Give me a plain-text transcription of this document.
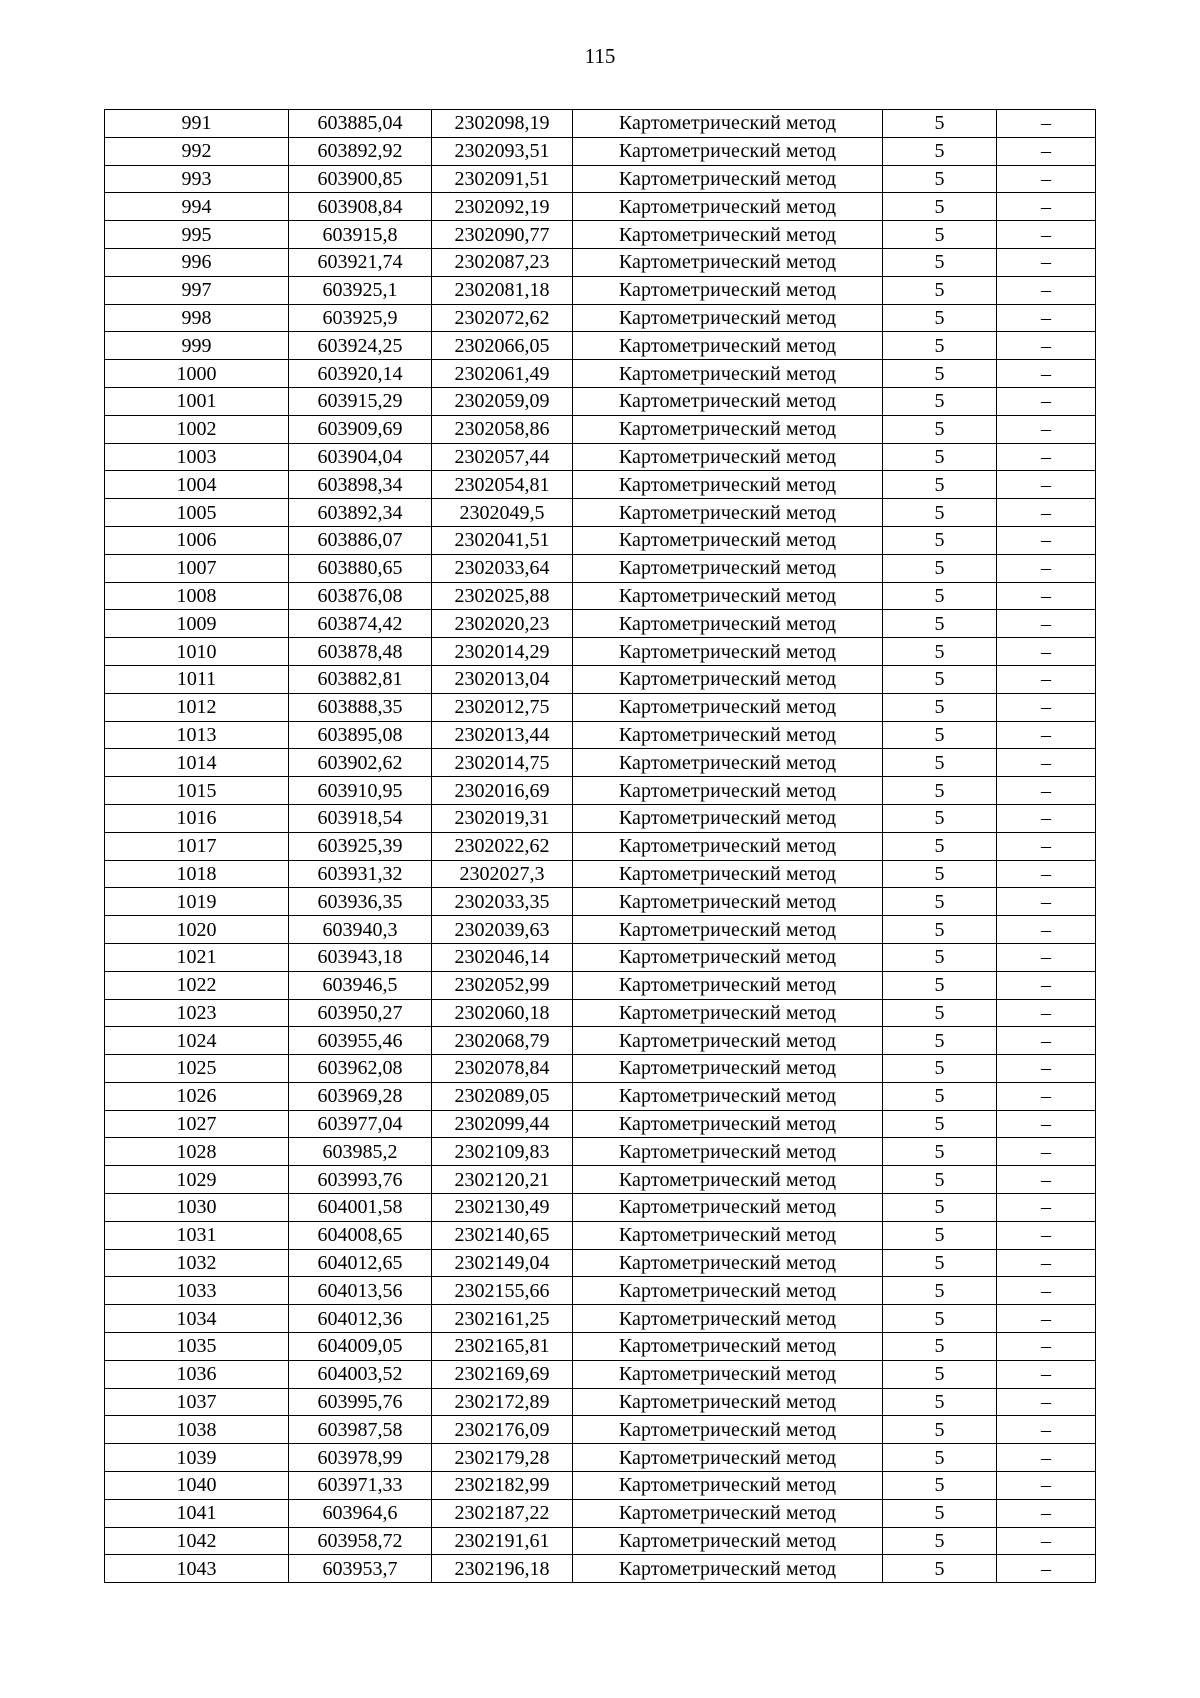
115
991	603885,04	2302098,19	Картометрический метод	5	–
992	603892,92	2302093,51	Картометрический метод	5	–
993	603900,85	2302091,51	Картометрический метод	5	–
994	603908,84	2302092,19	Картометрический метод	5	–
995	603915,8	2302090,77	Картометрический метод	5	–
996	603921,74	2302087,23	Картометрический метод	5	–
997	603925,1	2302081,18	Картометрический метод	5	–
998	603925,9	2302072,62	Картометрический метод	5	–
999	603924,25	2302066,05	Картометрический метод	5	–
1000	603920,14	2302061,49	Картометрический метод	5	–
1001	603915,29	2302059,09	Картометрический метод	5	–
1002	603909,69	2302058,86	Картометрический метод	5	–
1003	603904,04	2302057,44	Картометрический метод	5	–
1004	603898,34	2302054,81	Картометрический метод	5	–
1005	603892,34	2302049,5	Картометрический метод	5	–
1006	603886,07	2302041,51	Картометрический метод	5	–
1007	603880,65	2302033,64	Картометрический метод	5	–
1008	603876,08	2302025,88	Картометрический метод	5	–
1009	603874,42	2302020,23	Картометрический метод	5	–
1010	603878,48	2302014,29	Картометрический метод	5	–
1011	603882,81	2302013,04	Картометрический метод	5	–
1012	603888,35	2302012,75	Картометрический метод	5	–
1013	603895,08	2302013,44	Картометрический метод	5	–
1014	603902,62	2302014,75	Картометрический метод	5	–
1015	603910,95	2302016,69	Картометрический метод	5	–
1016	603918,54	2302019,31	Картометрический метод	5	–
1017	603925,39	2302022,62	Картометрический метод	5	–
1018	603931,32	2302027,3	Картометрический метод	5	–
1019	603936,35	2302033,35	Картометрический метод	5	–
1020	603940,3	2302039,63	Картометрический метод	5	–
1021	603943,18	2302046,14	Картометрический метод	5	–
1022	603946,5	2302052,99	Картометрический метод	5	–
1023	603950,27	2302060,18	Картометрический метод	5	–
1024	603955,46	2302068,79	Картометрический метод	5	–
1025	603962,08	2302078,84	Картометрический метод	5	–
1026	603969,28	2302089,05	Картометрический метод	5	–
1027	603977,04	2302099,44	Картометрический метод	5	–
1028	603985,2	2302109,83	Картометрический метод	5	–
1029	603993,76	2302120,21	Картометрический метод	5	–
1030	604001,58	2302130,49	Картометрический метод	5	–
1031	604008,65	2302140,65	Картометрический метод	5	–
1032	604012,65	2302149,04	Картометрический метод	5	–
1033	604013,56	2302155,66	Картометрический метод	5	–
1034	604012,36	2302161,25	Картометрический метод	5	–
1035	604009,05	2302165,81	Картометрический метод	5	–
1036	604003,52	2302169,69	Картометрический метод	5	–
1037	603995,76	2302172,89	Картометрический метод	5	–
1038	603987,58	2302176,09	Картометрический метод	5	–
1039	603978,99	2302179,28	Картометрический метод	5	–
1040	603971,33	2302182,99	Картометрический метод	5	–
1041	603964,6	2302187,22	Картометрический метод	5	–
1042	603958,72	2302191,61	Картометрический метод	5	–
1043	603953,7	2302196,18	Картометрический метод	5	–
